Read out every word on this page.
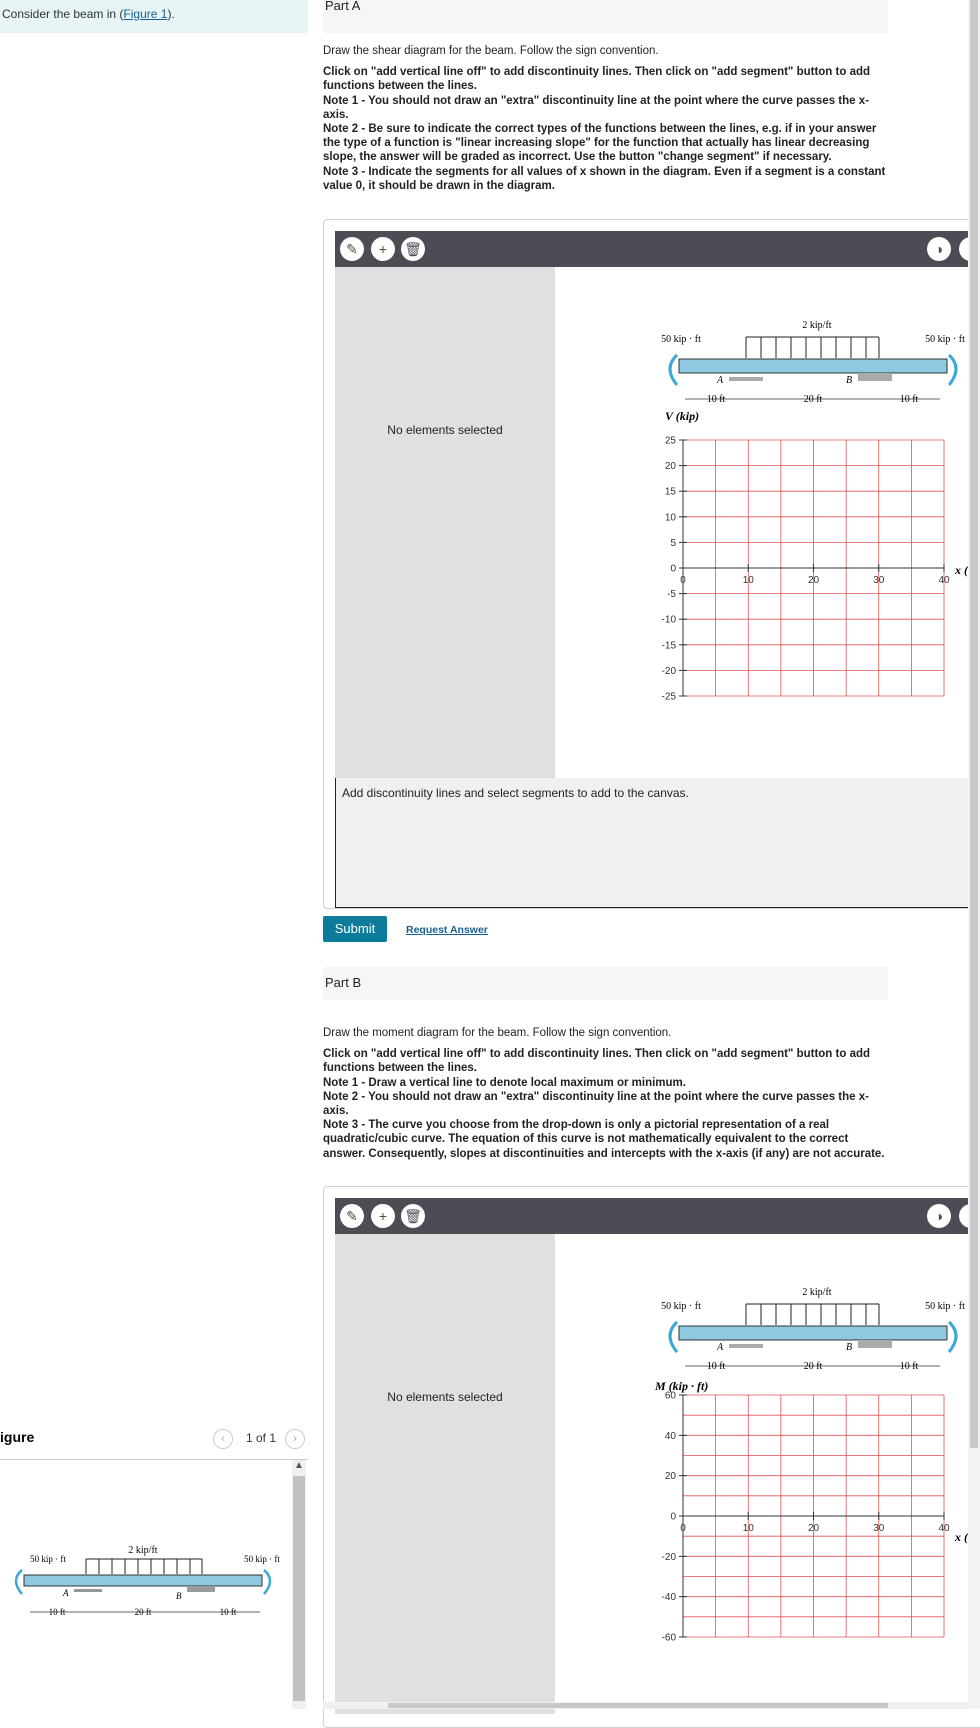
Consider the beam in (Figure 1).
igure	‹	1 of 1	›
▲
50 kip · ft	50 kip · ft
2 kip/ft
A	B
10 ft	20 ft	10 ft
Part A

Draw the shear diagram for the beam. Follow the sign convention.

Click on "add vertical line off" to add discontinuity lines. Then click on "add segment" button to add functions between the lines.

Note 1 - You should not draw an "extra" discontinuity line at the point where the curve passes the x-axis.

Note 2 - Be sure to indicate the correct types of the functions between the lines, e.g. if in your answer the type of a function is "linear increasing slope" for the function that actually has linear decreasing slope, the answer will be graded as incorrect. Use the button "change segment" if necessary.

Note 3 - Indicate the segments for all values of x shown in the diagram. Even if a segment is a constant value 0, it should be drawn in the diagram.

✎	+	🗑	◑
No elements selected
50 kip · ft	50 kip · ft
2 kip/ft
A	B
10 ft	20 ft	10 ft
V (kip)
25
20
15
10
5
0
-5
-10
-15
-20
-25
0	10	20	30	40
x (
Add discontinuity lines and select segments to add to the canvas.
Submit	Request Answer
Part B

Draw the moment diagram for the beam. Follow the sign convention.

Click on "add vertical line off" to add discontinuity lines. Then click on "add segment" button to add functions between the lines.

Note 1 - Draw a vertical line to denote local maximum or minimum.

Note 2 - You should not draw an "extra" discontinuity line at the point where the curve passes the x-axis.

Note 3 - The curve you choose from the drop-down is only a pictorial representation of a real quadratic/cubic curve. The equation of this curve is not mathematically equivalent to the correct answer. Consequently, slopes at discontinuities and intercepts with the x-axis (if any) are not accurate.

✎	+	🗑	◑
No elements selected
50 kip · ft	50 kip · ft
2 kip/ft
A	B
10 ft	20 ft	10 ft
M (kip · ft)
60
40
20
0
-20
-40
-60
0	10	20	30	40
x (
